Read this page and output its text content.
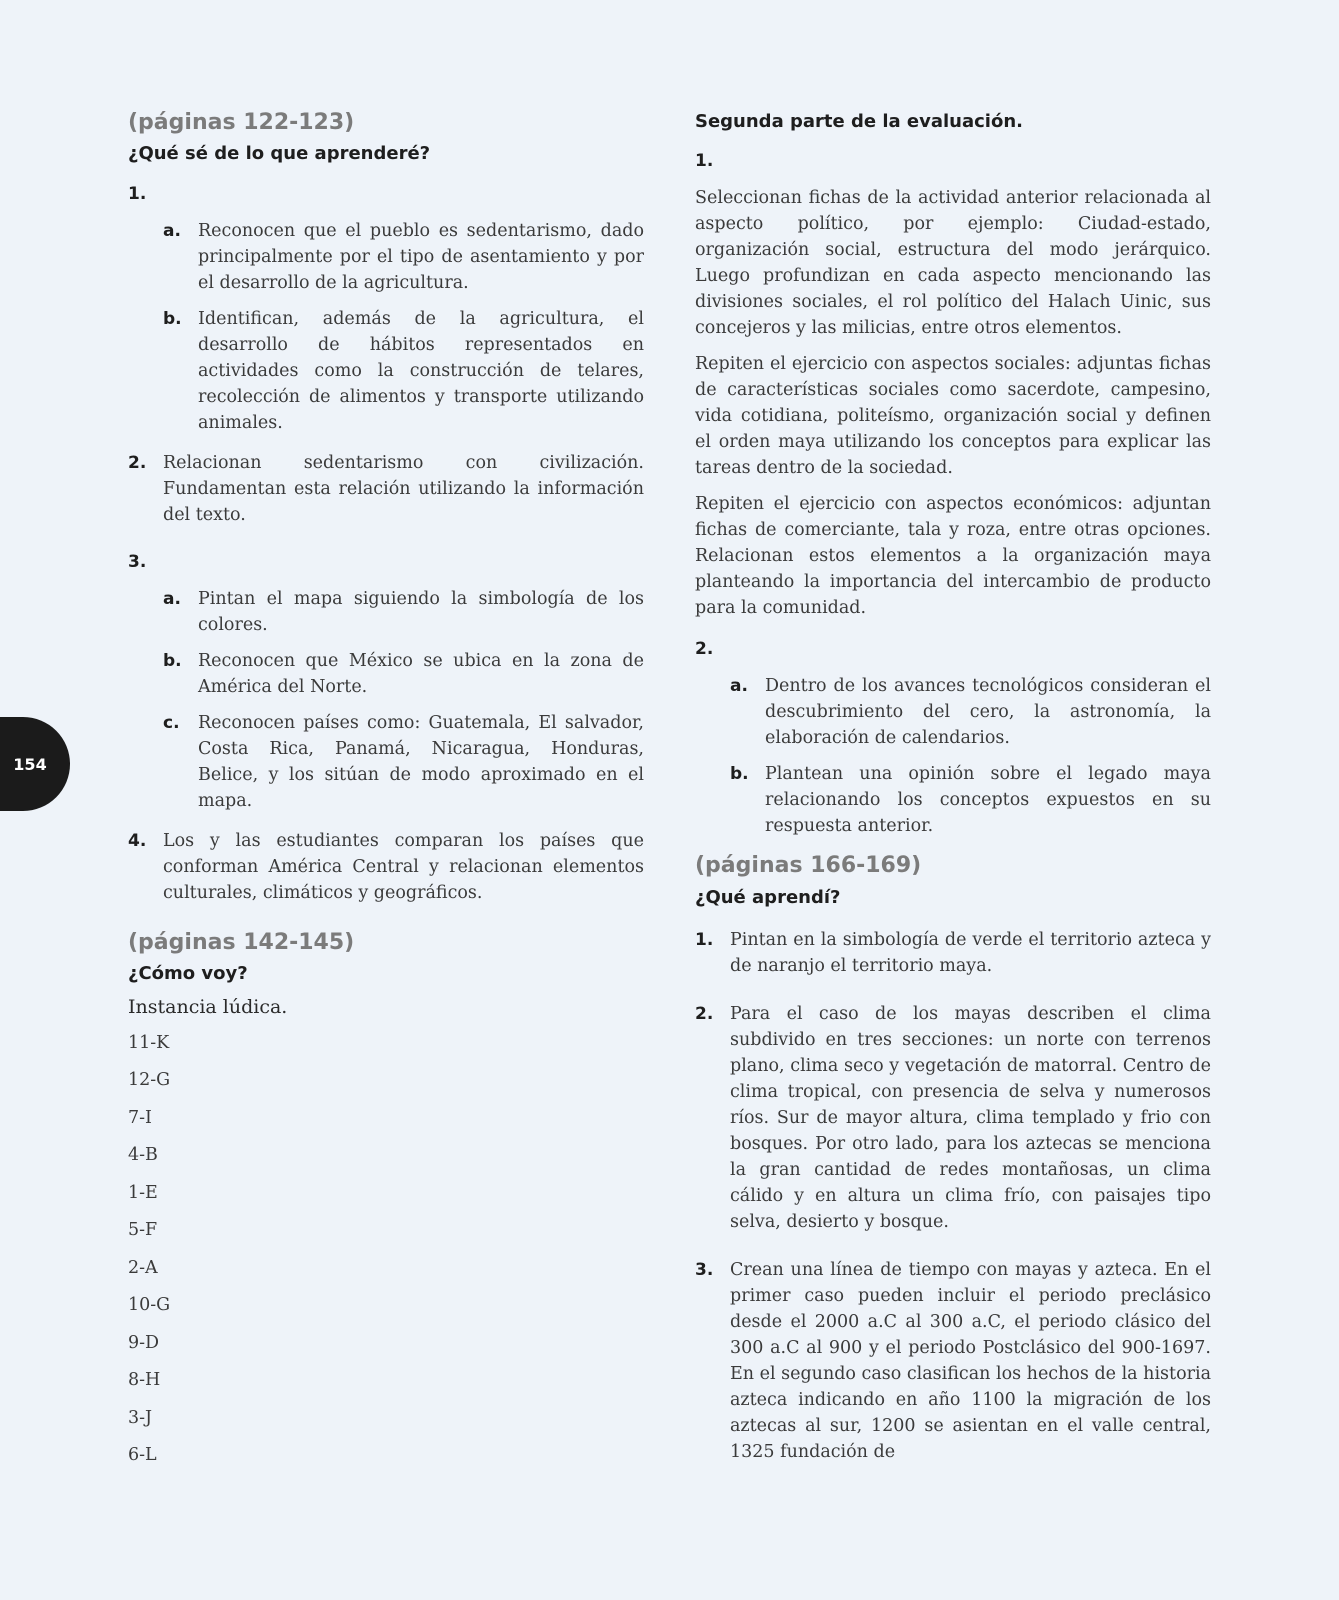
154
(páginas 122-123)
¿Qué sé de lo que aprenderé?
1.
a. Reconocen que el pueblo es sedentarismo, dado principalmente por el tipo de asentamiento y por el desarrollo de la agricultura.
b. Identifican, además de la agricultura, el desarrollo de hábitos representados en actividades como la construcción de telares, recolección de alimentos y transporte utilizando animales.
2. Relacionan sedentarismo con civilización. Fundamentan esta relación utilizando la información del texto.
3.
a. Pintan el mapa siguiendo la simbología de los colores.
b. Reconocen que México se ubica en la zona de América del Norte.
c.	Reconocen países como: Guatemala, El salvador, Costa Rica, Panamá, Nicaragua, Honduras, Belice, y los sitúan de modo aproximado en el mapa.
4. Los y las estudiantes comparan los países que conforman América Central y relacionan elementos culturales, climáticos y geográficos.
(páginas 142-145)
¿Cómo voy?
Instancia lúdica.
11-K
12-G
7-I
4-B
1-E
5-F
2-A
10-G
9-D
8-H
3-J
6-L
Segunda parte de la evaluación.
1.

Seleccionan fichas de la actividad anterior relacionada al aspecto político, por ejemplo: Ciudad-estado, organización social, estructura del modo jerárquico. Luego profundizan en cada aspecto mencionando las divisiones sociales, el rol político del Halach Uinic, sus concejeros y las milicias, entre otros elementos.

Repiten el ejercicio con aspectos sociales: adjuntas fichas de características sociales como sacerdote, campesino, vida cotidiana, politeísmo, organización social y definen el orden maya utilizando los conceptos para explicar las tareas dentro de la sociedad.

Repiten el ejercicio con aspectos económicos: adjuntan fichas de comerciante, tala y roza, entre otras opciones. Relacionan estos elementos a la organización maya planteando la importancia del intercambio de producto para la comunidad.

2.
a. Dentro de los avances tecnológicos consideran el descubrimiento del cero, la astronomía, la elaboración de calendarios.
b. Plantean una opinión sobre el legado maya relacionando los conceptos expuestos en su respuesta anterior.
(páginas 166-169)
¿Qué aprendí?
1. Pintan en la simbología de verde el territorio azteca y de naranjo el territorio maya.
2. Para el caso de los mayas describen el clima subdivido en tres secciones: un norte con terrenos plano, clima seco y vegetación de matorral. Centro de clima tropical, con presencia de selva y numerosos ríos. Sur de mayor altura, clima templado y frio con bosques. Por otro lado, para los aztecas se menciona la gran cantidad de redes montañosas, un clima cálido y en altura un clima frío, con paisajes tipo selva, desierto y bosque.
3. Crean una línea de tiempo con mayas y azteca. En el primer caso pueden incluir el periodo preclásico desde el 2000 a.C al 300 a.C, el periodo clásico del 300 a.C al 900 y el periodo Postclásico del 900-1697. En el segundo caso clasifican los hechos de la historia azteca indicando en año 1100 la migración de los aztecas al sur, 1200 se asientan en el valle central, 1325 fundación de
